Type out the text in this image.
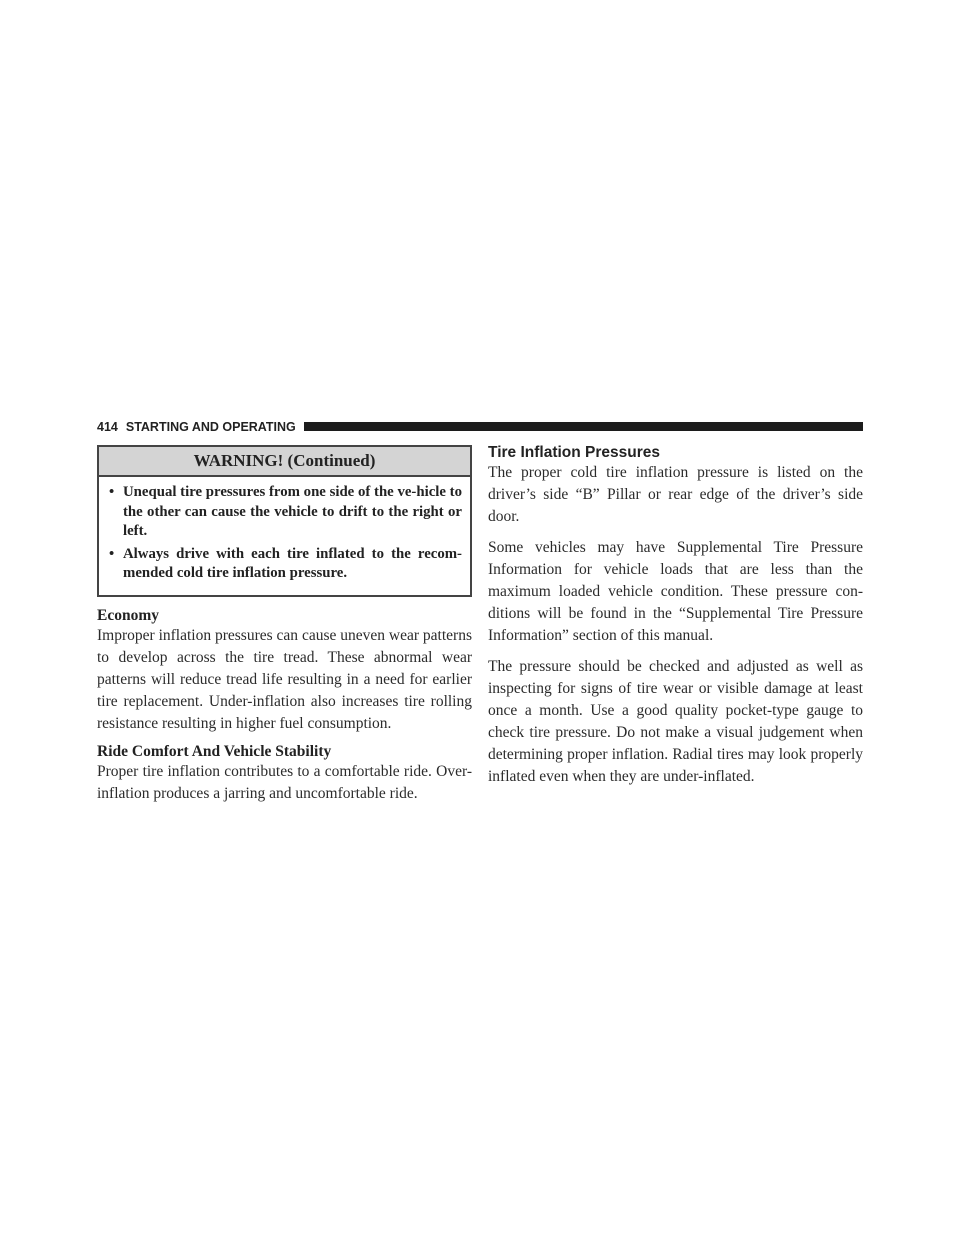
414 STARTING AND OPERATING
WARNING! (Continued)
• Unequal tire pressures from one side of the ve-hicle to the other can cause the vehicle to drift to the right or left.
• Always drive with each tire inflated to the recom-mended cold tire inflation pressure.
Economy

Improper inflation pressures can cause uneven wear patterns to develop across the tire tread. These abnormal wear patterns will reduce tread life resulting in a need for earlier tire replacement. Under-inflation also increases tire rolling resistance resulting in higher fuel consumption.

Ride Comfort And Vehicle Stability

Proper tire inflation contributes to a comfortable ride. Over-inflation produces a jarring and uncomfortable ride.

Tire Inflation Pressures

The proper cold tire inflation pressure is listed on the driver’s side “B” Pillar or rear edge of the driver’s side door.

Some vehicles may have Supplemental Tire Pressure Information for vehicle loads that are less than the maximum loaded vehicle condition. These pressure con-ditions will be found in the “Supplemental Tire Pressure Information” section of this manual.

The pressure should be checked and adjusted as well as inspecting for signs of tire wear or visible damage at least once a month. Use a good quality pocket-type gauge to check tire pressure. Do not make a visual judgement when determining proper inflation. Radial tires may look properly inflated even when they are under-inflated.
